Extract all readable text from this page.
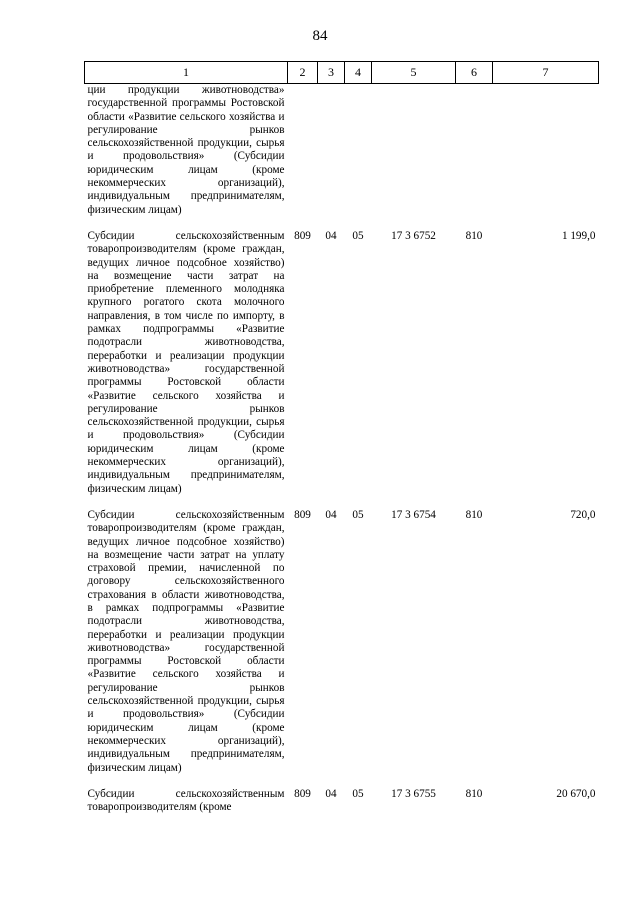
84
1	2	3	4	5	6	7
ции продукции животноводства» государственной программы Ростовской области «Развитие сельского хозяйства и регулирование рынков сельскохозяйственной продукции, сырья и продовольствия» (Субсидии юридическим лицам (кроме некоммерческих организаций), индивидуальным предпринимателям, физическим лицам)						
Субсидии сельскохозяйственным товаропроизводителям (кроме граждан, ведущих личное подсобное хозяйство) на возмещение части затрат на приобретение племенного молодняка крупного рогатого скота молочного направления, в том числе по импорту, в рамках подпрограммы «Развитие подотрасли животноводства, переработки и реализации продукции животноводства» государственной программы Ростовской области «Развитие сельского хозяйства и регулирование рынков сельскохозяйственной продукции, сырья и продовольствия» (Субсидии юридическим лицам (кроме некоммерческих организаций), индивидуальным предпринимателям, физическим лицам)	809	04	05	17 3 6752	810	1 199,0
Субсидии сельскохозяйственным товаропроизводителям (кроме граждан, ведущих личное подсобное хозяйство) на возмещение части затрат на уплату страховой премии, начисленной по договору сельскохозяйственного страхования в области животноводства, в рамках подпрограммы «Развитие подотрасли животноводства, переработки и реализации продукции животноводства» государственной программы Ростовской области «Развитие сельского хозяйства и регулирование рынков сельскохозяйственной продукции, сырья и продовольствия» (Субсидии юридическим лицам (кроме некоммерческих организаций), индивидуальным предпринимателям, физическим лицам)	809	04	05	17 3 6754	810	720,0
Субсидии сельскохозяйственным товаропроизводителям (кроме	809	04	05	17 3 6755	810	20 670,0
